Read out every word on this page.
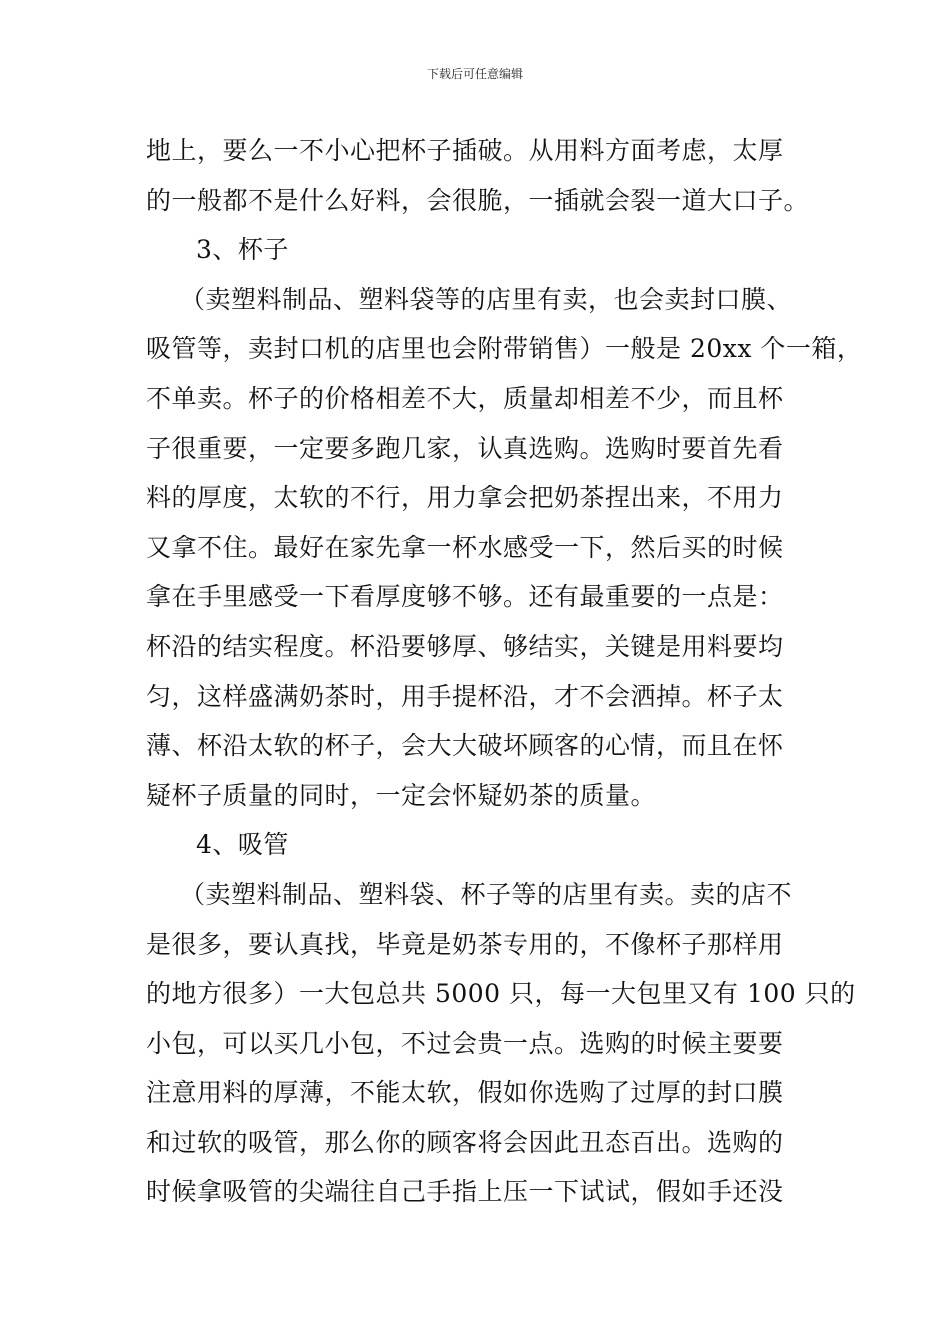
下载后可任意编辑
地上，要么一不小心把杯子插破。从用料方面考虑，太厚
的一般都不是什么好料，会很脆，一插就会裂一道大口子。
3、杯子
（卖塑料制品、塑料袋等的店里有卖，也会卖封口膜、
吸管等，卖封口机的店里也会附带销售）一般是 20xx 个一箱，
不单卖。杯子的价格相差不大，质量却相差不少，而且杯
子很重要，一定要多跑几家，认真选购。选购时要首先看
料的厚度，太软的不行，用力拿会把奶茶捏出来，不用力
又拿不住。最好在家先拿一杯水感受一下，然后买的时候
拿在手里感受一下看厚度够不够。还有最重要的一点是：
杯沿的结实程度。杯沿要够厚、够结实，关键是用料要均
匀，这样盛满奶茶时，用手提杯沿，才不会洒掉。杯子太
薄、杯沿太软的杯子，会大大破坏顾客的心情，而且在怀
疑杯子质量的同时，一定会怀疑奶茶的质量。
4、吸管
（卖塑料制品、塑料袋、杯子等的店里有卖。卖的店不
是很多，要认真找，毕竟是奶茶专用的，不像杯子那样用
的地方很多）一大包总共 5000 只，每一大包里又有 100 只的
小包，可以买几小包，不过会贵一点。选购的时候主要要
注意用料的厚薄，不能太软，假如你选购了过厚的封口膜
和过软的吸管，那么你的顾客将会因此丑态百出。选购的
时候拿吸管的尖端往自己手指上压一下试试，假如手还没
